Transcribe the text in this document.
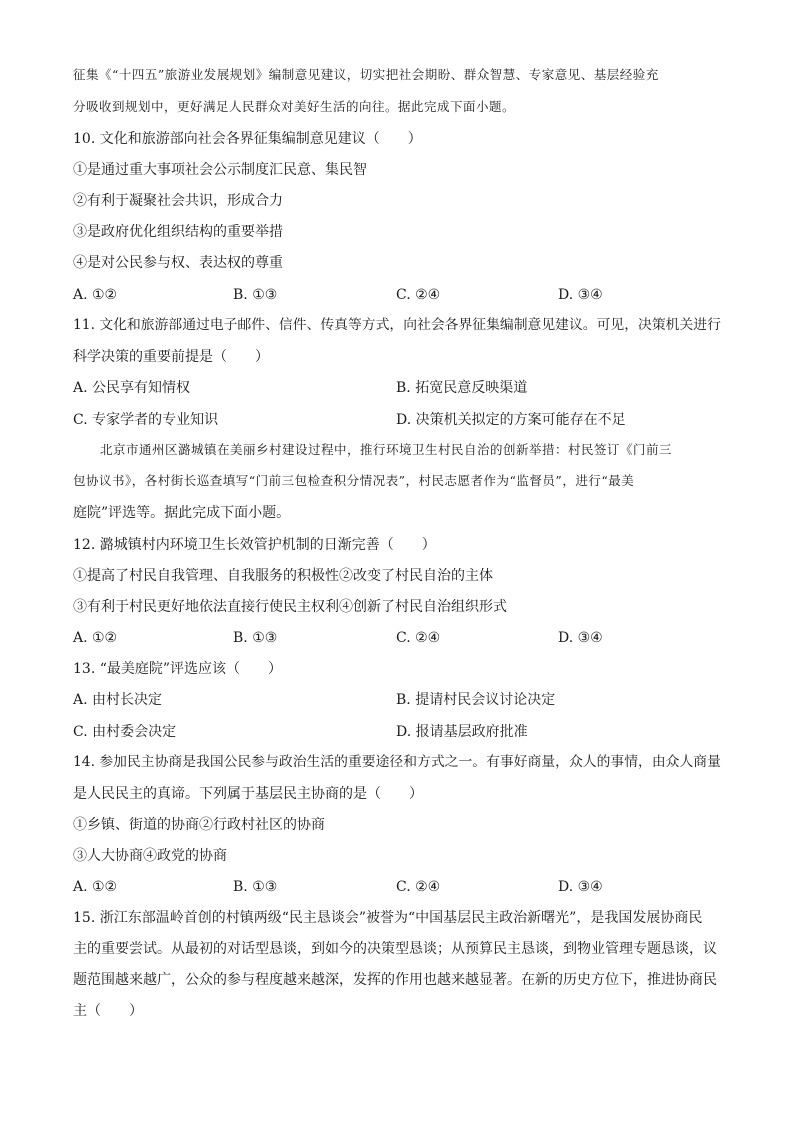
征集《“十四五”旅游业发展规划》编制意见建议，切实把社会期盼、群众智慧、专家意见、基层经验充
分吸收到规划中，更好满足人民群众对美好生活的向往。据此完成下面小题。
10. 文化和旅游部向社会各界征集编制意见建议（　　）
①是通过重大事项社会公示制度汇民意、集民智
②有利于凝聚社会共识，形成合力
③是政府优化组织结构的重要举措
④是对公民参与权、表达权的尊重
A. ①②	B. ①③	C. ②④	D. ③④
11. 文化和旅游部通过电子邮件、信件、传真等方式，向社会各界征集编制意见建议。可见，决策机关进行
科学决策的重要前提是（　　）
A. 公民享有知情权	B. 拓宽民意反映渠道
C. 专家学者的专业知识	D. 决策机关拟定的方案可能存在不足
北京市通州区潞城镇在美丽乡村建设过程中，推行环境卫生村民自治的创新举措：村民签订《门前三
包协议书》，各村街长巡查填写“门前三包检查积分情况表”，村民志愿者作为“监督员”，进行“最美
庭院”评选等。据此完成下面小题。
12. 潞城镇村内环境卫生长效管护机制的日渐完善（　　）
①提高了村民自我管理、自我服务的积极性②改变了村民自治的主体
③有利于村民更好地依法直接行使民主权利④创新了村民自治组织形式
A. ①②	B. ①③	C. ②④	D. ③④
13. “最美庭院”评选应该（　　）
A. 由村长决定	B. 提请村民会议讨论决定
C. 由村委会决定	D. 报请基层政府批准
14. 参加民主协商是我国公民参与政治生活的重要途径和方式之一。有事好商量，众人的事情，由众人商量
是人民民主的真谛。下列属于基层民主协商的是（　　）
①乡镇、街道的协商②行政村社区的协商
③人大协商④政党的协商
A. ①②	B. ①③	C. ②④	D. ③④
15. 浙江东部温岭首创的村镇两级“民主恳谈会”被誉为“中国基层民主政治新曙光”，是我国发展协商民
主的重要尝试。从最初的对话型恳谈，到如今的决策型恳谈；从预算民主恳谈，到物业管理专题恳谈，议
题范围越来越广，公众的参与程度越来越深，发挥的作用也越来越显著。在新的历史方位下，推进协商民
主（　　）
